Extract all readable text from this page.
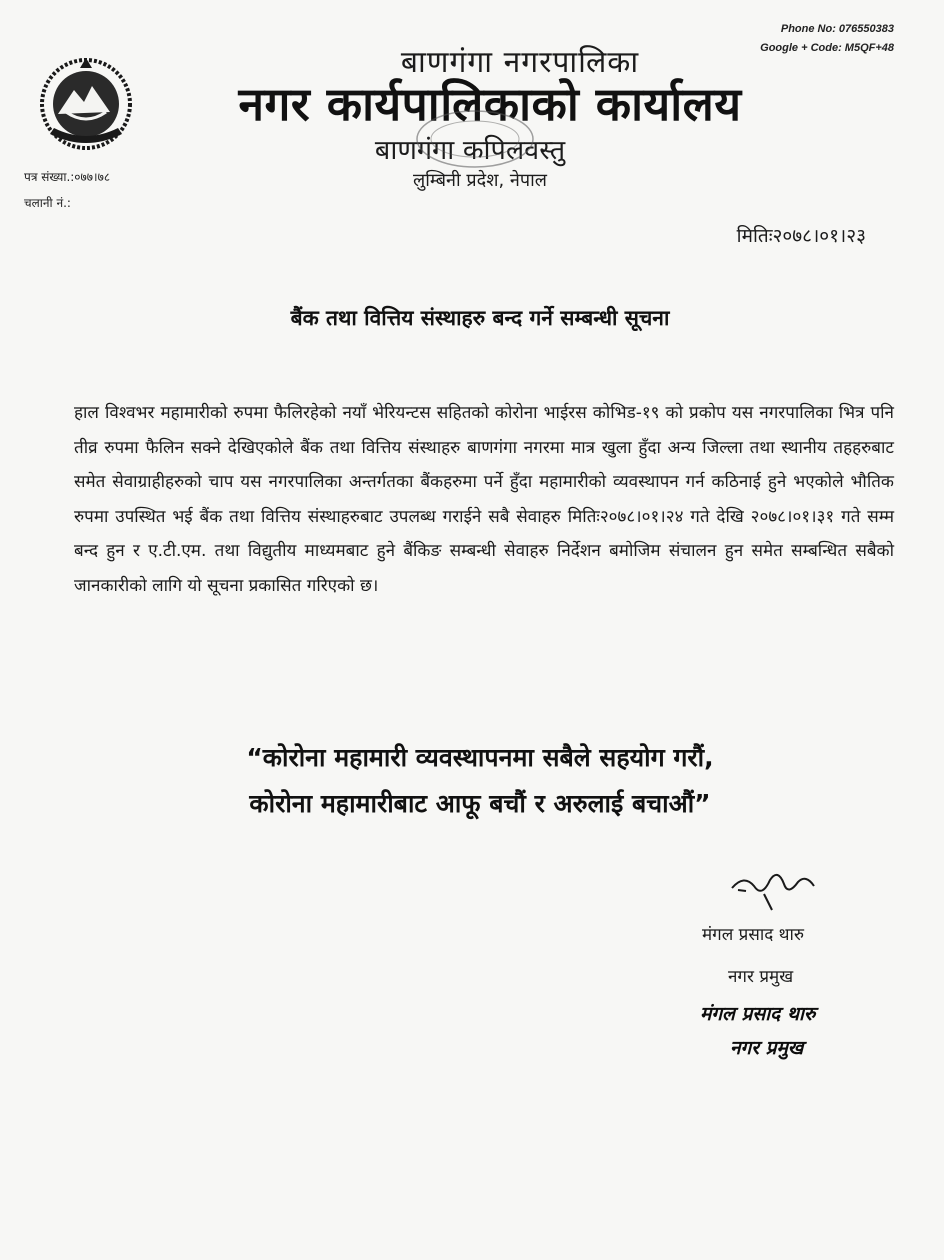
Phone No: 076550383
Google + Code: M5QF+48
बाणगंगा नगरपालिका
नगर कार्यपालिकाको कार्यालय
बाणगंगा कपिलवस्तु
लुम्बिनी प्रदेश, नेपाल
पत्र संख्या.:०७७।७८
चलानी नं.:
मितिः२०७८।०१।२३
बैंक तथा वित्तिय संस्थाहरु बन्द गर्ने सम्बन्धी सूचना
हाल विश्वभर महामारीको रुपमा फैलिरहेको नयाँ भेरियन्टस सहितको कोरोना भाईरस कोभिड-१९ को प्रकोप यस नगरपालिका भित्र पनि तीव्र रुपमा फैलिन सक्ने देखिएकोले बैंक तथा वित्तिय संस्थाहरु बाणगंगा नगरमा मात्र खुला हुँदा अन्य जिल्ला तथा स्थानीय तहहरुबाट समेत सेवाग्राहीहरुको चाप यस नगरपालिका अन्तर्गतका बैंकहरुमा पर्ने हुँदा महामारीको व्यवस्थापन गर्न कठिनाई हुने भएकोले भौतिक रुपमा उपस्थित भई बैंक तथा वित्तिय संस्थाहरुबाट उपलब्ध गराईने सबै सेवाहरु मितिः२०७८।०१।२४ गते देखि २०७८।०१।३१ गते सम्म बन्द हुन र ए.टी.एम. तथा विद्युतीय माध्यमबाट हुने बैंकिङ सम्बन्धी सेवाहरु निर्देशन बमोजिम संचालन हुन समेत सम्बन्धित सबैको जानकारीको लागि यो सूचना प्रकासित गरिएको छ।
“कोरोना महामारी व्यवस्थापनमा सबैले सहयोग गरौं,
कोरोना महामारीबाट आफू बचौं र अरुलाई बचाऔं”
मंगल प्रसाद थारु
नगर प्रमुख
मंगल प्रसाद थारु
नगर प्रमुख
